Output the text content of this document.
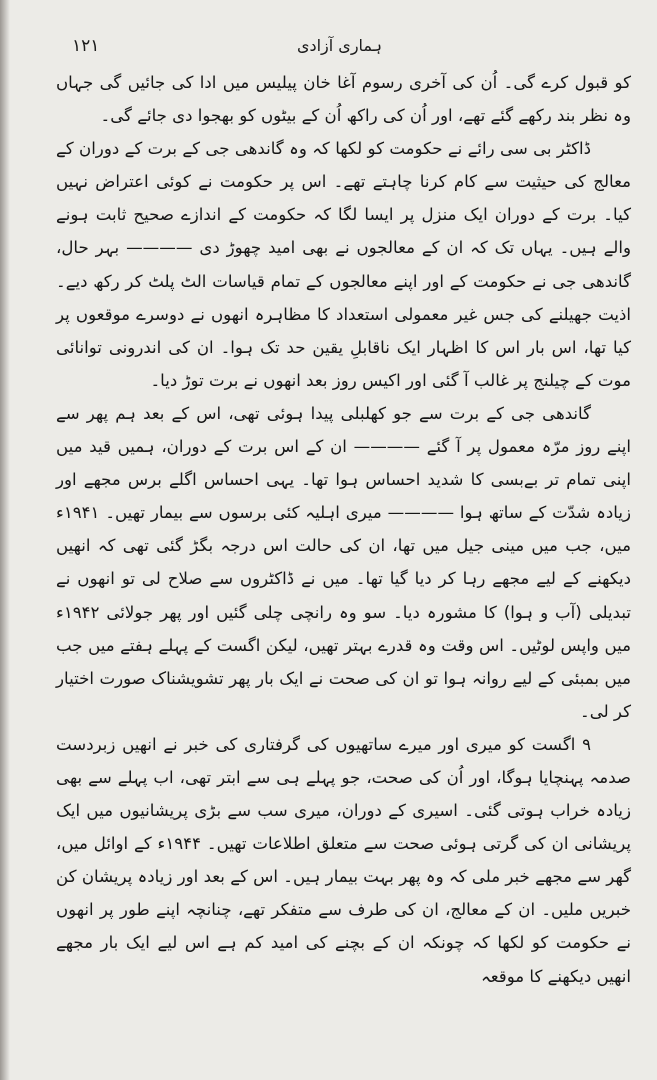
١٢١	ہماری آزادی

کو قبول کرے گی۔ اُن کی آخری رسوم آغا خان پیلیس میں ادا کی جائیں گی جہاں وہ نظر بند رکھے گئے تھے، اور اُن کی راکھ اُن کے بیٹوں کو بھجوا دی جائے گی۔

ڈاکٹر بی سی رائے نے حکومت کو لکھا کہ وہ گاندھی جی کے برت کے دوران کے معالج کی حیثیت سے کام کرنا چاہتے تھے۔ اس پر حکومت نے کوئی اعتراض نہیں کیا۔ برت کے دوران ایک منزل پر ایسا لگا کہ حکومت کے اندازے صحیح ثابت ہونے والے ہیں۔ یہاں تک کہ ان کے معالجوں نے بھی امید چھوڑ دی ———— بہر حال، گاندھی جی نے حکومت کے اور اپنے معالجوں کے تمام قیاسات الٹ پلٹ کر رکھ دیے۔ اذیت جھیلنے کی جس غیر معمولی استعداد کا مظاہرہ انھوں نے دوسرے موقعوں پر کیا تھا، اس بار اس کا اظہار ایک ناقابلِ یقین حد تک ہوا۔ ان کی اندرونی توانائی موت کے چیلنج پر غالب آ گئی اور اکیس روز بعد انھوں نے برت توڑ دیا۔

گاندھی جی کے برت سے جو کھلبلی پیدا ہوئی تھی، اس کے بعد ہم پھر سے اپنے روز مرّہ معمول پر آ گئے ———— ان کے اس برت کے دوران، ہمیں قید میں اپنی تمام تر بےبسی کا شدید احساس ہوا تھا۔ یہی احساس اگلے برس مجھے اور زیادہ شدّت کے ساتھ ہوا ———— میری اہلیہ کئی برسوں سے بیمار تھیں۔ ۱۹۴۱ء میں، جب میں مینی جیل میں تھا، ان کی حالت اس درجہ بگڑ گئی تھی کہ انھیں دیکھنے کے لیے مجھے رہا کر دیا گیا تھا۔ میں نے ڈاکٹروں سے صلاح لی تو انھوں نے تبدیلی (آب و ہوا) کا مشورہ دیا۔ سو وہ رانچی چلی گئیں اور پھر جولائی ۱۹۴۲ء میں واپس لوٹیں۔ اس وقت وہ قدرے بہتر تھیں، لیکن اگست کے پہلے ہفتے میں جب میں بمبئی کے لیے روانہ ہوا تو ان کی صحت نے ایک بار پھر تشویشناک صورت اختیار کر لی۔

۹ اگست کو میری اور میرے ساتھیوں کی گرفتاری کی خبر نے انھیں زبردست صدمہ پہنچایا ہوگا، اور اُن کی صحت، جو پہلے ہی سے ابتر تھی، اب پہلے سے بھی زیادہ خراب ہوتی گئی۔ اسیری کے دوران، میری سب سے بڑی پریشانیوں میں ایک پریشانی ان کی گرتی ہوئی صحت سے متعلق اطلاعات تھیں۔ ۱۹۴۴ء کے اوائل میں، گھر سے مجھے خبر ملی کہ وہ پھر بہت بیمار ہیں۔ اس کے بعد اور زیادہ پریشان کن خبریں ملیں۔ ان کے معالج، ان کی طرف سے متفکر تھے، چنانچہ اپنے طور پر انھوں نے حکومت کو لکھا کہ چونکہ ان کے بچنے کی امید کم ہے اس لیے ایک بار مجھے انھیں دیکھنے کا موقعہ
